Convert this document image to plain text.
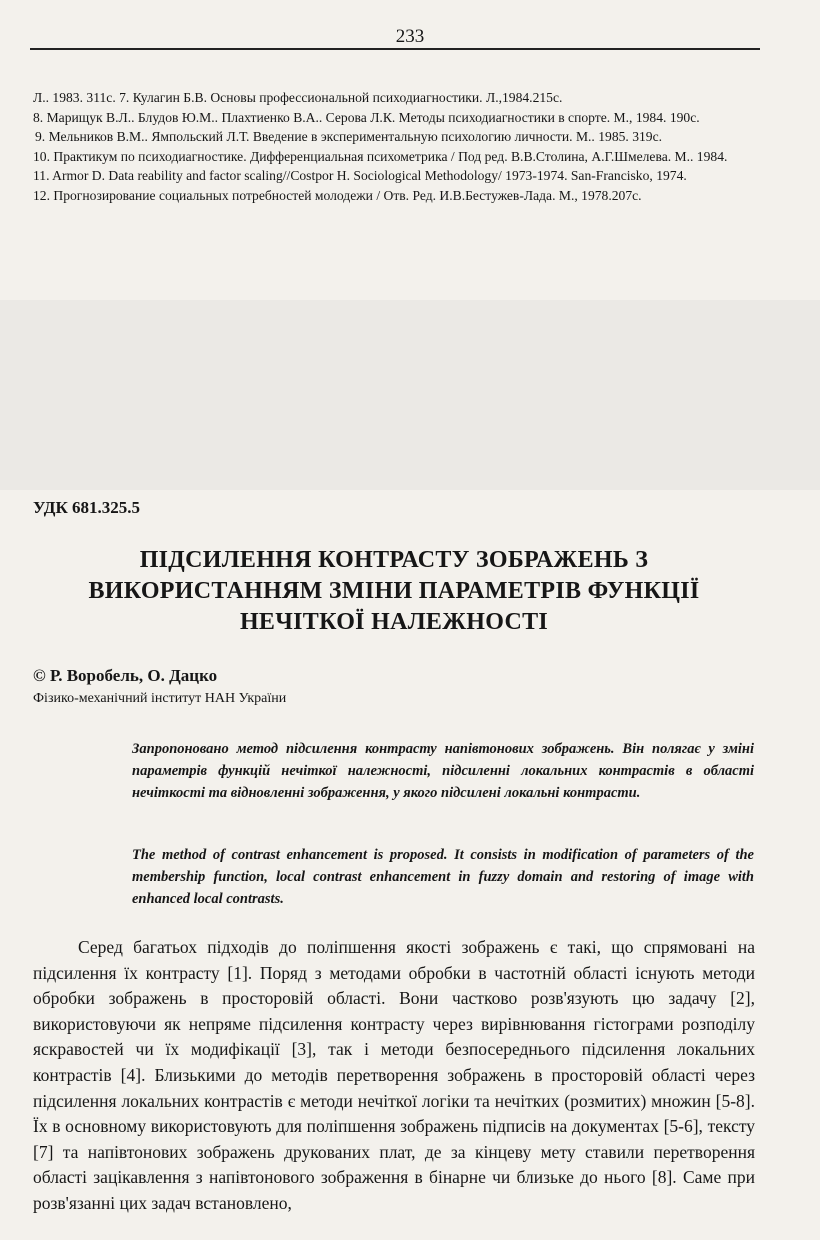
233

Л.. 1983. 311с. 7. Кулагин Б.В. Основы профессиональной психодиагностики. Л.,1984.215с.

8. Марищук В.Л.. Блудов Ю.М.. Плахтиенко В.А.. Серова Л.К. Методы психодиагностики в спорте. М., 1984. 190с.

9. Мельников В.М.. Ямпольский Л.Т. Введение в экспериментальную психологию личности. М.. 1985. 319с.

10. Практикум по психодиагностике. Дифференциальная психометрика / Под ред. В.В.Столина, А.Г.Шмелева. М.. 1984.

11. Armor D. Data reability and factor scaling//Costpor H. Sociological Methodology/ 1973-1974. San-Francisko, 1974.

12. Прогнозирование социальных потребностей молодежи / Отв. Ред. И.В.Бестужев-Лада. М., 1978.207с.

УДК 681.325.5
ПІДСИЛЕННЯ КОНТРАСТУ ЗОБРАЖЕНЬ З
ВИКОРИСТАННЯМ ЗМІНИ ПАРАМЕТРІВ ФУНКЦІЇ
НЕЧІТКОЇ НАЛЕЖНОСТІ
© Р. Воробель, О. Дацко
Фізико-механічний інститут НАН України

Запропоновано метод підсилення контрасту напівтонових зображень. Він полягає у зміні параметрів функцій нечіткої належності, підсиленні локальних контрастів в області нечіткості та відновленні зображення, у якого підсилені локальні контрасти.

The method of contrast enhancement is proposed. It consists in modification of parameters of the membership function, local contrast enhancement in fuzzy domain and restoring of image with enhanced local contrasts.

Серед багатьох підходів до поліпшення якості зображень є такі, що спрямовані на підсилення їх контрасту [1]. Поряд з методами обробки в частотній області існують методи обробки зображень в просторовій області. Вони частково розв'язують цю задачу [2], використовуючи як непряме підсилення контрасту через вирівнювання гістограми розподілу яскравостей чи їх модифікації [3], так і методи безпосереднього підсилення локальних контрастів [4]. Близькими до методів перетворення зображень в просторовій області через підсилення локальних контрастів є методи нечіткої логіки та нечітких (розмитих) множин [5-8]. Їх в основному використовують для поліпшення зображень підписів на документах [5-6], тексту [7] та напівтонових зображень друкованих плат, де за кінцеву мету ставили перетворення області зацікавлення з напівтонового зображення в бінарне чи близьке до нього [8]. Саме при розв'язанні цих задач встановлено,
